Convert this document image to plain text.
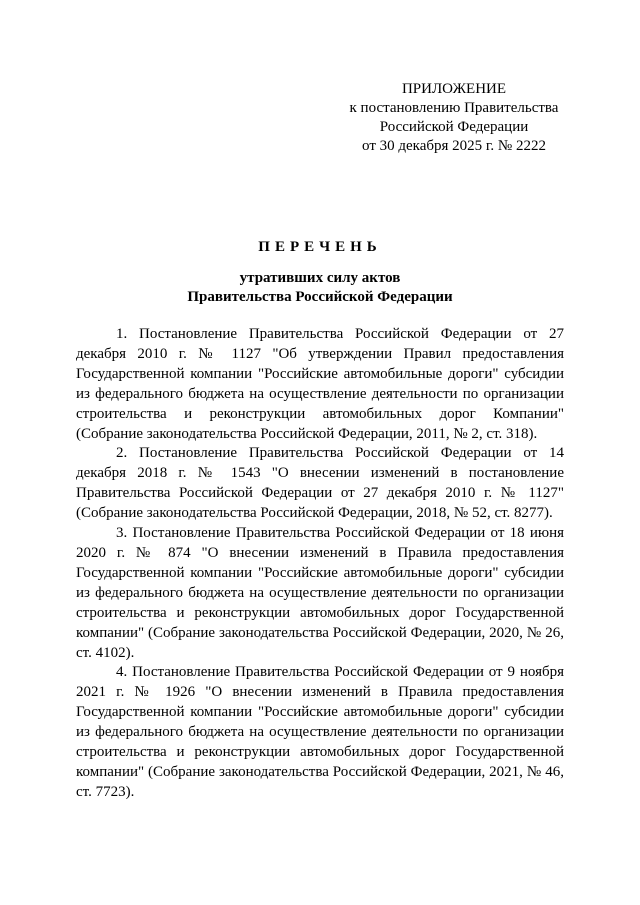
ПРИЛОЖЕНИЕ
к постановлению Правительства
Российской Федерации
от 30 декабря 2025 г. № 2222
ПЕРЕЧЕНЬ
утративших силу актов
Правительства Российской Федерации

1. Постановление Правительства Российской Федерации от 27 декабря 2010 г. № 1127 "Об утверждении Правил предоставления Государственной компании "Российские автомобильные дороги" субсидии из федерального бюджета на осуществление деятельности по организации строительства и реконструкции автомобильных дорог Компании" (Собрание законодательства Российской Федерации, 2011, № 2, ст. 318).

2. Постановление Правительства Российской Федерации от 14 декабря 2018 г. № 1543 "О внесении изменений в постановление Правительства Российской Федерации от 27 декабря 2010 г. № 1127" (Собрание законодательства Российской Федерации, 2018, № 52, ст. 8277).

3. Постановление Правительства Российской Федерации от 18 июня 2020 г. № 874 "О внесении изменений в Правила предоставления Государственной компании "Российские автомобильные дороги" субсидии из федерального бюджета на осуществление деятельности по организации строительства и реконструкции автомобильных дорог Государственной компании" (Собрание законодательства Российской Федерации, 2020, № 26, ст. 4102).

4. Постановление Правительства Российской Федерации от 9 ноября 2021 г. № 1926 "О внесении изменений в Правила предоставления Государственной компании "Российские автомобильные дороги" субсидии из федерального бюджета на осуществление деятельности по организации строительства и реконструкции автомобильных дорог Государственной компании" (Собрание законодательства Российской Федерации, 2021, № 46, ст. 7723).
